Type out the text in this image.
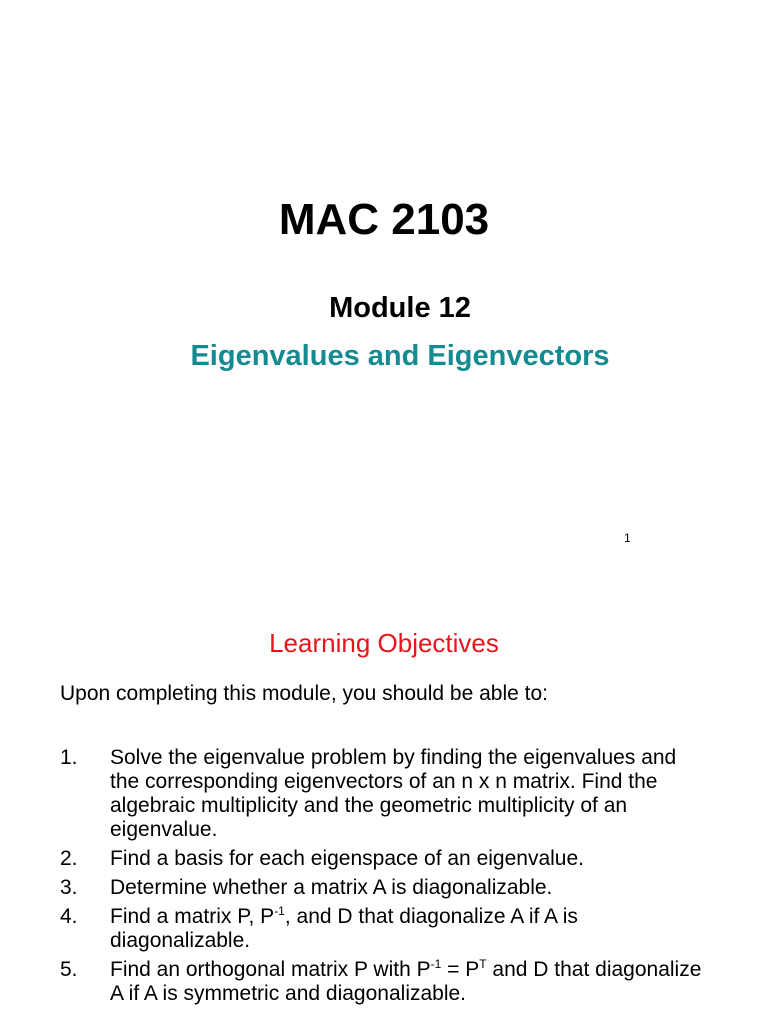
MAC 2103
Module 12
Eigenvalues and Eigenvectors
1
Learning Objectives
Upon completing this module, you should be able to:
1.	Solve the eigenvalue problem by finding the eigenvalues and the corresponding eigenvectors of an n x n matrix. Find the algebraic multiplicity and the geometric multiplicity of an eigenvalue.
2.	Find a basis for each eigenspace of an eigenvalue.
3.	Determine whether a matrix A is diagonalizable.
4.	Find a matrix P, $P^{-1}$, and D that diagonalize A if A is diagonalizable.
5.	Find an orthogonal matrix P with $P^{-1} = P^T$ and D that diagonalize A if A is symmetric and diagonalizable.
